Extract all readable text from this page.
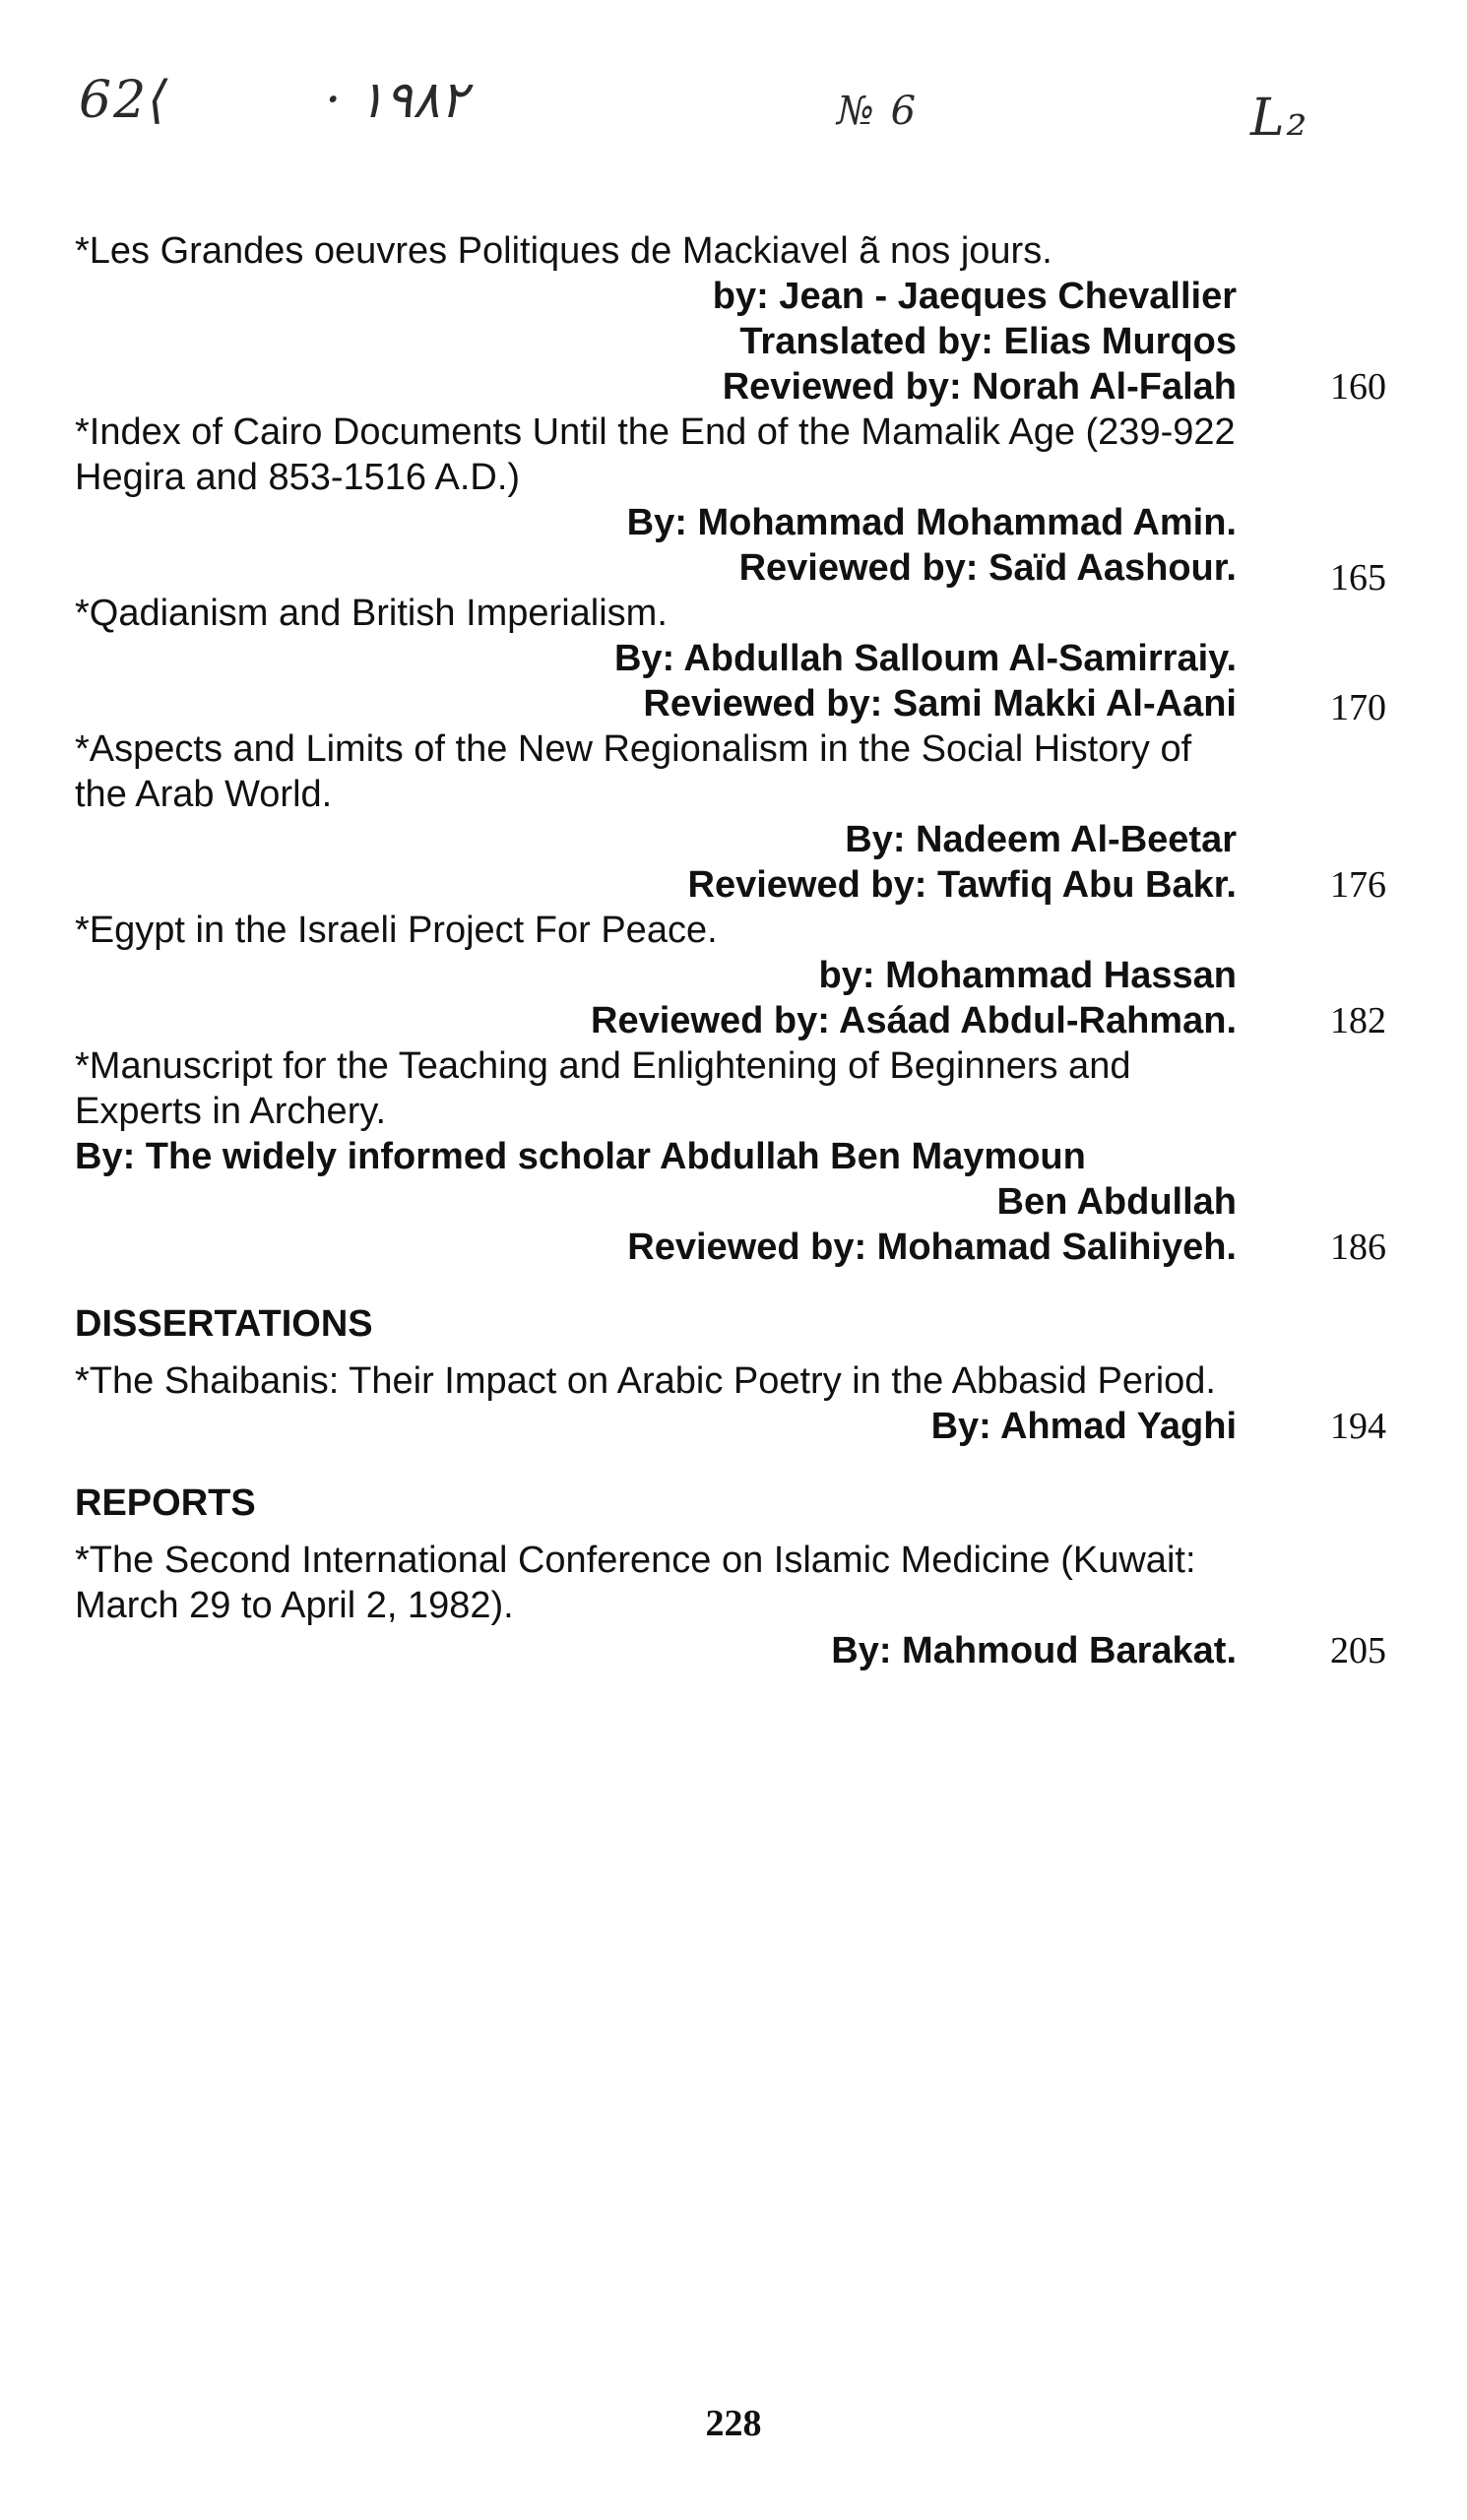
62⟨	· ١٩٨٢	№ 6	L₂

*Les Grandes oeuvres Politiques de Mackiavel ã nos jours.

by: Jean - Jaeques Chevallier

Translated by: Elias Murqos

Reviewed by: Norah Al-Falah	160

*Index of Cairo Documents Until the End of the Mamalik Age (239-922 Hegira and 853-1516 A.D.)

By: Mohammad Mohammad Amin.

Reviewed by: Saïd Aashour.	165

*Qadianism and British Imperialism.

By: Abdullah Salloum Al-Samirraiy.

Reviewed by: Sami Makki Al-Aani	170

*Aspects and Limits of the New Regionalism in the Social History of the Arab World.

By: Nadeem Al-Beetar

Reviewed by: Tawfiq Abu Bakr.	176

*Egypt in the Israeli Project For Peace.

by: Mohammad Hassan

Reviewed by: Asáad Abdul-Rahman.	182

*Manuscript for the Teaching and Enlightening of Beginners and Experts in Archery.

By: The widely informed scholar Abdullah Ben Maymoun

Ben Abdullah

Reviewed by: Mohamad Salihiyeh.	186
DISSERTATIONS

*The Shaibanis: Their Impact on Arabic Poetry in the Abbasid Period.

By: Ahmad Yaghi	194
REPORTS

*The Second International Conference on Islamic Medicine (Kuwait: March 29 to April 2, 1982).

By: Mahmoud Barakat.	205
228
